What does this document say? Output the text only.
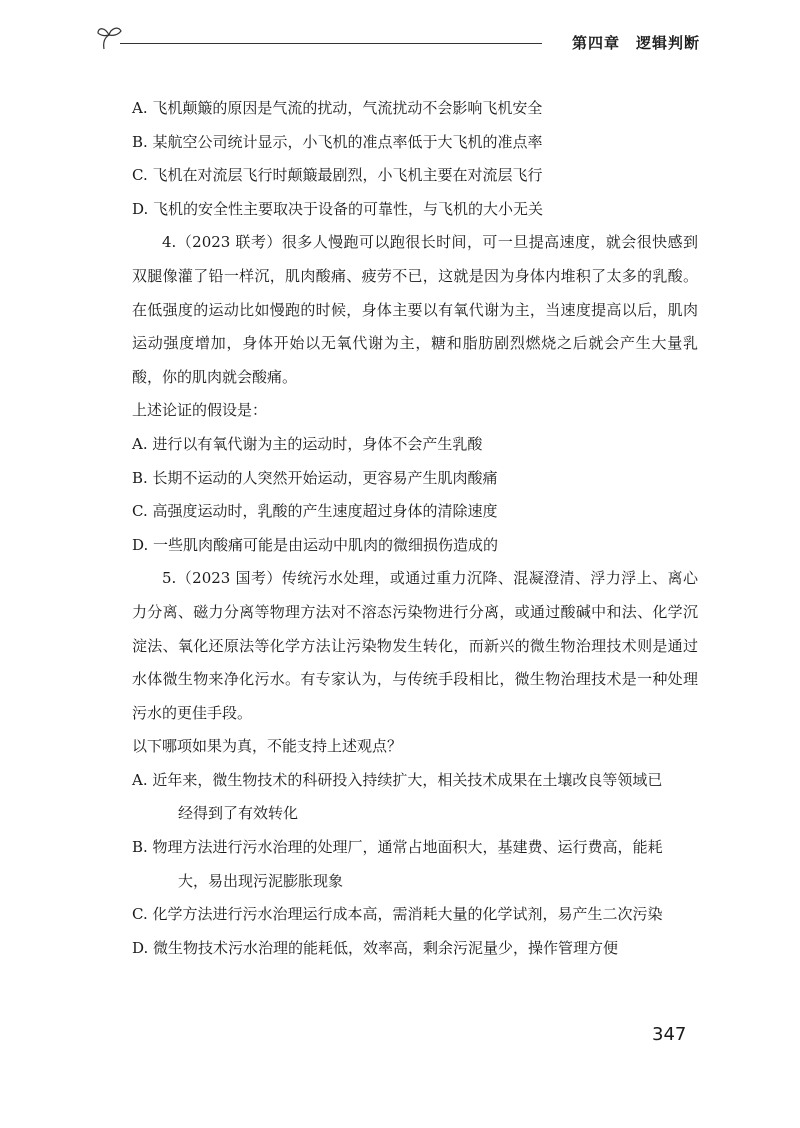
第四章 逻辑判断
A. 飞机颠簸的原因是气流的扰动，气流扰动不会影响飞机安全
B. 某航空公司统计显示，小飞机的准点率低于大飞机的准点率
C. 飞机在对流层飞行时颠簸最剧烈，小飞机主要在对流层飞行
D. 飞机的安全性主要取决于设备的可靠性，与飞机的大小无关
4.（2023 联考）很多人慢跑可以跑很长时间，可一旦提高速度，就会很快感到双腿像灌了铅一样沉，肌肉酸痛、疲劳不已，这就是因为身体内堆积了太多的乳酸。在低强度的运动比如慢跑的时候，身体主要以有氧代谢为主，当速度提高以后，肌肉运动强度增加，身体开始以无氧代谢为主，糖和脂肪剧烈燃烧之后就会产生大量乳酸，你的肌肉就会酸痛。
上述论证的假设是：
A. 进行以有氧代谢为主的运动时，身体不会产生乳酸
B. 长期不运动的人突然开始运动，更容易产生肌肉酸痛
C. 高强度运动时，乳酸的产生速度超过身体的清除速度
D. 一些肌肉酸痛可能是由运动中肌肉的微细损伤造成的
5.（2023 国考）传统污水处理，或通过重力沉降、混凝澄清、浮力浮上、离心力分离、磁力分离等物理方法对不溶态污染物进行分离，或通过酸碱中和法、化学沉淀法、氧化还原法等化学方法让污染物发生转化，而新兴的微生物治理技术则是通过水体微生物来净化污水。有专家认为，与传统手段相比，微生物治理技术是一种处理污水的更佳手段。
以下哪项如果为真，不能支持上述观点？
A. 近年来，微生物技术的科研投入持续扩大，相关技术成果在土壤改良等领域已
经得到了有效转化
B. 物理方法进行污水治理的处理厂，通常占地面积大，基建费、运行费高，能耗
大，易出现污泥膨胀现象
C. 化学方法进行污水治理运行成本高，需消耗大量的化学试剂，易产生二次污染
D. 微生物技术污水治理的能耗低，效率高，剩余污泥量少，操作管理方便
347
